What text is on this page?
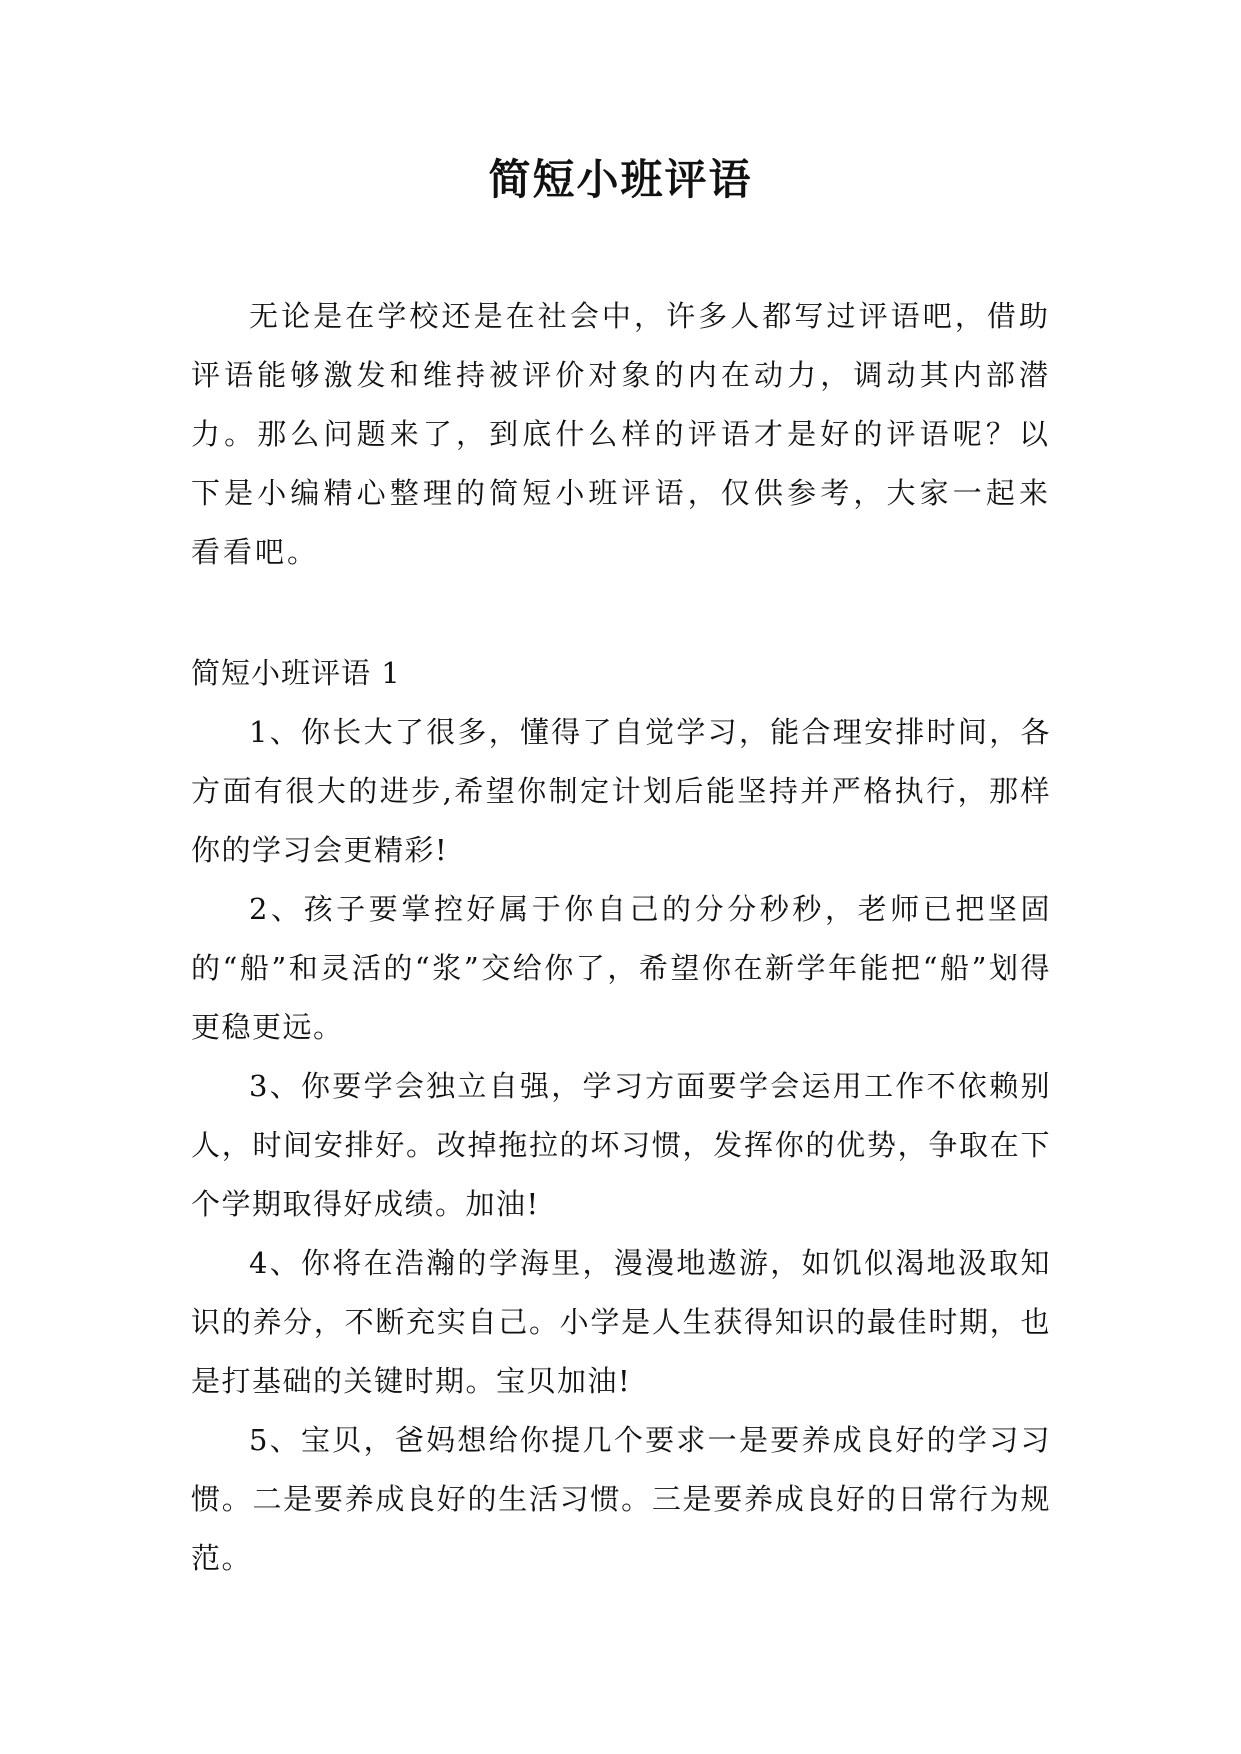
简短小班评语

无论是在学校还是在社会中，许多人都写过评语吧，借助评语能够激发和维持被评价对象的内在动力，调动其内部潜力。那么问题来了，到底什么样的评语才是好的评语呢？以下是小编精心整理的简短小班评语，仅供参考，大家一起来看看吧。

简短小班评语 1

1、你长大了很多，懂得了自觉学习，能合理安排时间，各方面有很大的进步,希望你制定计划后能坚持并严格执行，那样你的学习会更精彩!

2、孩子要掌控好属于你自己的分分秒秒，老师已把坚固的“船”和灵活的“浆”交给你了，希望你在新学年能把“船”划得更稳更远。

3、你要学会独立自强，学习方面要学会运用工作不依赖别人，时间安排好。改掉拖拉的坏习惯，发挥你的优势，争取在下个学期取得好成绩。加油!

4、你将在浩瀚的学海里，漫漫地遨游，如饥似渴地汲取知识的养分，不断充实自己。小学是人生获得知识的最佳时期，也是打基础的关键时期。宝贝加油!

5、宝贝，爸妈想给你提几个要求一是要养成良好的学习习惯。二是要养成良好的生活习惯。三是要养成良好的日常行为规范。
